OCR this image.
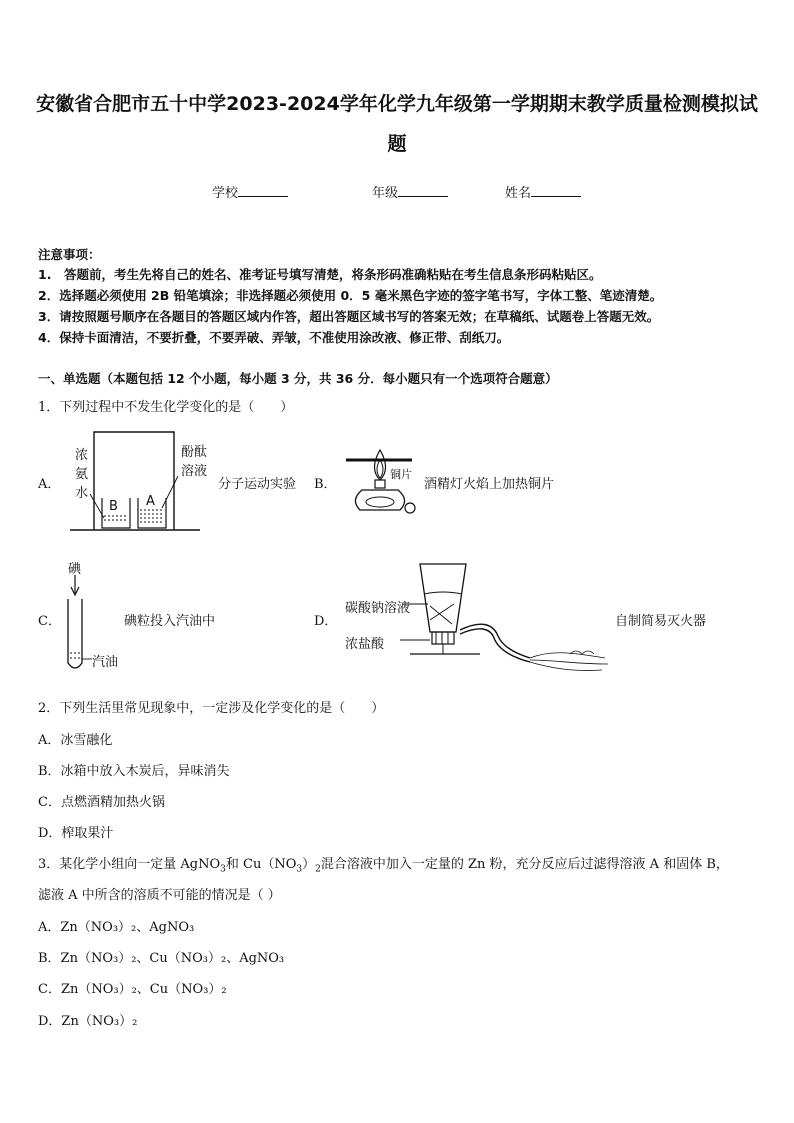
安徽省合肥市五十中学2023-2024学年化学九年级第一学期期末教学质量检测模拟试
题
学校	年级	姓名
注意事项：
1.　答题前，考生先将自己的姓名、准考证号填写清楚，将条形码准确粘贴在考生信息条形码粘贴区。
2．选择题必须使用 2B 铅笔填涂；非选择题必须使用 0．5 毫米黑色字迹的签字笔书写，字体工整、笔迹清楚。
3．请按照题号顺序在各题目的答题区域内作答，超出答题区域书写的答案无效；在草稿纸、试题卷上答题无效。
4．保持卡面清洁，不要折叠，不要弄破、弄皱，不准使用涂改液、修正带、刮纸刀。
一、单选题（本题包括 12 个小题，每小题 3 分，共 36 分．每小题只有一个选项符合题意）
1．下列过程中不发生化学变化的是（　　）
A．
浓
氨
水
酚酞
溶液
B A
分子运动实验 B．
铜片
酒精灯火焰上加热铜片
C．
碘
汽油
碘粒投入汽油中	D．
碳酸钠溶液
浓盐酸
自制简易灭火器
2．下列生活里常见现象中，一定涉及化学变化的是（　　）
A．冰雪融化
B．冰箱中放入木炭后，异味消失
C．点燃酒精加热火锅
D．榨取果汁
3．某化学小组向一定量 AgNO$_3$和 $Cu(NO_3)_2$混合溶液中加入一定量的 Zn 粉，充分反应后过滤得溶液 A 和固体 B，
滤液 A 中所含的溶质不可能的情况是（ ）
A．Zn（NO₃）₂、AgNO₃
B．Zn（NO₃）₂、Cu（NO₃）₂、AgNO₃
C．Zn（NO₃）₂、Cu（NO₃）₂
D．Zn（NO₃）₂
